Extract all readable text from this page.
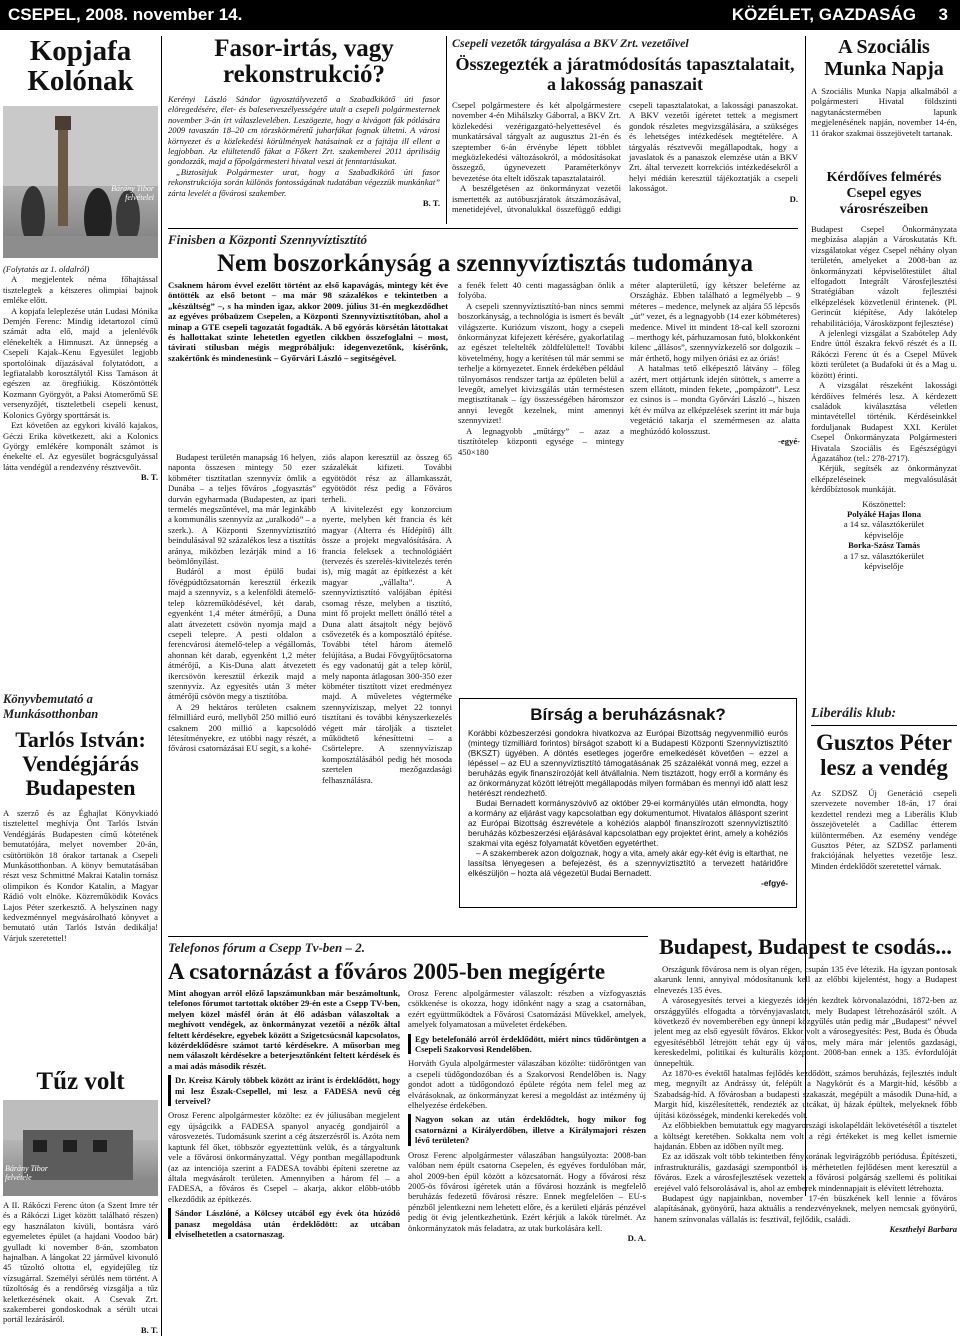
CSEPEL, 2008. november 14.	KÖZÉLET, GAZDASÁG 3
Kopjafa Kolónak
Bárány Tibor felvételei

(Folytatás az 1. oldalról)

A megjelentek néma főhajtással tisztelegtek a kétszeres olimpiai bajnok emléke előtt.

A kopjafa leleplezése után Ludasi Mónika Demjén Ferenc: Mindig idetartozol című számát adta elő, majd a jelenlévők elénekelték a Himnuszt. Az ünnepség a Csepeli Kajak–Kenu Egyesület legjobb sportolóinak díjazásával folytatódott, a legfiatalabb korosztálytól Kiss Tamáson át egészen az öregfiúkig. Köszöntötték Kozmann Györgyöt, a Paksi Atomerőmű SE versenyzőjét, tiszteletbeli csepeli kenust, Kolonics György sporttársát is.

Ezt követően az egykori kiváló kajakos, Géczi Erika következett, aki a Kolonics György emlékére komponált számot is énekelte el. Az egyesület bográcsgulyással látta vendégül a rendezvény résztvevőit.

B. T.

Könyvbemutató a Munkásotthonban
Tarlós István: Vendégjárás Budapesten

A szerző és az Éghajlat Könyvkiadó tisztelettel meghívja Önt Tarlós István Vendégjárás Budapesten című kötetének bemutatójára, melyet november 20-án, csütörtökön 18 órakor tartanak a Csepeli Munkásotthonban. A könyv bemutatásában részt vesz Schmittné Makrai Katalin tornász olimpikon és Kondor Katalin, a Magyar Rádió volt elnöke. Közreműködik Kovács Lajos Péter szerkesztő. A helyszínen nagy kedvezménnyel megvásárolható könyvet a bemutató után Tarlós István dedikálja! Várjuk szeretettel!

Tűz volt
Bárány Tibor felvétele

A II. Rákóczi Ferenc úton (a Szent Imre tér és a Rákóczi Liget között található részen) egy használaton kívüli, bontásra váró egyemeletes épület (a hajdani Voodoo bár) gyulladt ki november 8-án, szombaton hajnalban. A lángokat 22 járművel kivonuló 45 tűzoltó oltotta el, egyidejűleg tíz vízsugárral. Személyi sérülés nem történt. A tűzoltóság és a rendőrség vizsgálja a tűz keletkezésének okait. A Csevak Zrt. szakemberei gondoskodnak a sérült utcai portál lezárásáról.

B. T.

Fasor-irtás, vagy rekonstrukció?

Kerényi László Sándor ügyosztályvezető a Szabadkikötő úti fasor elöregedésére, élet- és balesetveszélyességére utalt a csepeli polgármesternek november 3-án írt válaszlevelében. Leszögezte, hogy a kivágott fák pótlására 2009 tavaszán 18–20 cm törzskörméretű juharfákat fognak ültetni. A városi környezet és a közlekedési körülmények hatásainak ez a fajtája ill ellent a legjobban. Az elültetendő fákat a Főkert Zrt. szakemberei 2011 áprilisáig gondozzák, majd a főpolgármesteri hivatal veszi át fenntartásukat.

„Biztosítjuk Polgármester urat, hogy a Szabadkikötő úti fasor rekonstrukciója során különös fontosságának tudatában végezzük munkánkat” zárta levelét a fővárosi szakember.

B. T.

Csepeli vezetők tárgyalása a BKV Zrt. vezetőivel
Összegezték a járatmódosítás tapasztalatait, a lakosság panaszait

Csepel polgármestere és két alpolgármestere november 4-én Mihálszky Gáborral, a BKV Zrt. közlekedési vezérigazgató-helyettesével és munkatársával tárgyalt az augusztus 21-én és szeptember 6-án érvénybe lépett többlet megközlekedési változásokról, a módosításokat összegző, úgynevezett Paraméterkönyv bevezetése óta eltelt időszak tapasztalatairól.

A beszélgetésen az önkormányzat vezetői ismertették az autóbuszjáratok átszámozásával, menetidejével, útvonalukkal összefüggő eddigi csepeli tapasztalatokat, a lakossági panaszokat. A BKV vezetői ígéretet tettek a megismert gondok részletes megvizsgálására, a szükséges és lehetséges intézkedések megtételére. A tárgyalás résztvevői megállapodtak, hogy a javaslatok és a panaszok elemzése után a BKV Zrt. által tervezett korrekciós intézkedésekről a helyi médián keresztül tájékoztatják a csepeli lakosságot.

D.

A Szociális Munka Napja

A Szociális Munka Napja alkalmából a polgármesteri Hivatal földszinti nagytanácstermében lapunk megjelenésének napján, november 14-én, 11 órakor szakmai összejövetelt tartanak.

Kérdőíves felmérés Csepel egyes városrészeiben

Budapest Csepel Önkormányzata megbízása alapján a Városkutatás Kft. vizsgálatokat végez Csepel néhány olyan területén, amelyeket a 2008-ban az önkormányzati képviselőtestület által elfogadott Integrált Városfejlesztési Stratégiában vázolt fejlesztési elképzelések közvetlenül érintenek. (Pl. Gerincút kiépítése, Ady lakótelep rehabilitációja, Városközpont fejlesztése)

A jelenlegi vizsgálat a Szabótelep Ady Endre úttól északra fekvő részét és a II. Rákóczi Ferenc út és a Csepel Művek közti területet (a Budafoki út és a Mag u. között) érinti.

A vizsgálat részeként lakossági kérdőíves felmérés lesz. A kérdezett családok kiválasztása véletlen mintavétellel történik. Kérdéseinkkel forduljanak Budapest XXI. Kerület Csepel Önkormányzata Polgármesteri Hivatala Szociális és Egészségügyi Ágazatához (tel.: 278-2717).

Kérjük, segítsék az önkormányzat elképzeléseinek megvalósulását kérdőbíztosok munkáját.

Köszönettel:

Polyáké Hajas Ilona

a 14 sz. választókerület

képviselője

Borka-Szász Tamás

a 17 sz. választókerület

képviselője

Liberális klub:
Gusztos Péter lesz a vendég

Az SZDSZ Új Generáció csepeli szervezete november 18-án, 17 órai kezdettel rendezi meg a Liberális Klub összejövetelét a Cadillac étterem különtermében. Az esemény vendége Gusztos Péter, az SZDSZ parlamenti frakciójának helyettes vezetője lesz. Minden érdeklődőt szeretettel várnak.

Finisben a Központi Szennyvíztisztító
Nem boszorkányság a szennyvíztisztás tudománya

Csaknem három évvel ezelőtt történt az első kapavágás, mintegy két éve öntötték az első betont – ma már 98 százalékos e tekintetben a „készültség” –, s ha minden igaz, akkor 2009. július 31-én megkezdődhet az egyéves próbaüzem Csepelen, a Központi Szennyvíztisztítóban, ahol a minap a GTE csepeli tagozatát fogadták. A bő egyórás körsétán látottakat és hallottakat szinte lehetetlen egyetlen cikkben összefoglalni – most, távirati stílusban mégis megpróbáljuk: idegenvezetőnk, kísérőnk, szakértőnk és mindenesünk – Győrvári László – segítségével.

Budapest területén manapság 16 helyen, naponta összesen mintegy 50 ezer köbméter tisztítatlan szennyvíz ömlik a Dunába – a teljes főváros „fogyasztás” durván egyharmada (Budapesten, az ipari termelés megszűntével, ma már leginkább a kommunális szennyvíz az „uralkodó” – a szerk.). A Központi Szennyvíztisztító beindulásával 92 százalékos lesz a tisztítás aránya, miközben lezárják mind a 16 beömlőnyílást.

Budáról a most épülő budai fővégpúdtőzsatornán keresztül érkezik majd a szennyvíz, s a kelenföldi átemelő-telep közreműködésével, két darab, egyenként 1,4 méter átmérőjű, a Duna alatt átvezetett csövön nyomja majd a csepeli telepre. A pesti oldalon a ferencvárosi átemelő-telep a végállomás, ahonnan két darab, egyenként 1,2 méter átmérőjű, a Kis-Duna alatt átvezetett ikercsövön keresztül érkezik majd a szennyvíz. Az egyesítés után 3 méter átmérőjű csövön megy a tisztítóba.

A 29 hektáros területen csaknem félmilliárd euró, mellyből 250 millió euró csaknem 200 millió a kapcsolódó létesítményekre, ez utóbbi nagy részét, a fővárosi csatornázásai EU segít, s a kohé-

ziós alapon keresztül az összeg 65 százalékát kifizeti. További egyötödöt rész az államkasszát, egyötödöt rész pedig a Főváros terheli.

A kivitelezést egy konzorcium nyerte, melyben két francia és két magyar (Alterra és Hídépítő) állt össze a projekt megvalósítására. A francia feleksek a technológiáért (tervezés és szerelés-kivitelezés terén is), míg magát az építkezést a két magyar „vállalta”. A szennyvíztisztító valójában építési csomag része, melyben a tisztító, mint fő projekt mellett önálló tétel a Duna alatt átsajtolt négy bejövő csővezeték és a komposztáló építése. További tétel három átemelő felújítása, a Budai Fővgyűjtőcsatorna és egy vadonatúj gát a telep körül, mely naponta átlagosan 300-350 ezer köbméter tisztított vizet eredményez majd. A műveletes végtermékе szennyvíziszap, melyet 22 tonnyi tisztítani és további kényszerkezelés végett már tárolják a tisztelet működtető kénesíttetni – a Csörtelepre. A szennyvíziszap komposztálásából pedig hét mosoda szertelen mezőgazdasági felhasználásra.

a fenék felett 40 centi magasságban önlik a folyóba.

A csepeli szennyvíztisztító-ban nincs semmi boszorkányság, a technológia is ismert és bevált világszerte. Kuriózum viszont, hogy a csepeli önkormányzat kifejezett kérésére, gyakorlatilag az egészet teleltelték zöldfelülettel! További követelmény, hogy a kerítésen túl már semmi se terhelje a környezetet. Ennek érdekében például túlnyomásos rendszer tartja az épületen belül a levegőt, amelyet kivizsgálás után terméstesen megtisztítanak – így összességében háromszor annyi levegőt kezelnek, mint amennyi szennyvizet!

A legnagyobb „műtárgy” – azaz a tisztítótelep központi egysége – mintegy 450×180

méter alapterületű, így kétszer beleférne az Országház. Ebben található a legmélyebb – 9 méteres – medence, melynek az aljára 55 lépcsős „út” vezet, és a legnagyobb (14 ezer köbméteres) medence. Mivel itt mindent 18-cal kell szorozni – merthogy két, párhuzamosan futó, blokkonként kilenc „állásos”, szennyvízkezelő sor dolgozik – már érthető, hogy milyen óriási ez az óriás!

A hatalmas tető elképesztő látvány – főleg azért, mert ottjártunk idején sütöttek, s amerre a szem ellátott, minden fekete, „pompázott”. Lesz ez csinos is – mondta Győrvári László –, hiszen két év múlva az elképzelések szerint itt már bujа vegetáció takarja el szemérmesen az alatta meghúzódó kolosszust.

-egyé-

Bírság a beruházásnak?

Korábbi közbeszerzési gondokra hivatkozva az Európai Bizottság negyvenmillió eurós (mintegy tízmilliárd forintos) bírságot szabott ki a Budapesti Központi Szennyvíztisztító (BKSZT) ügyében. A döntés esetleges jogerőre emelkedését követően – ezzel a lépéssel – az EU a szennyvíztisztító támogatásának 25 százalékát vonná meg, ezzel a beruházás egyik finanszírozóját kell átvállalnia. Nem tisztázott, hogy erről a kormány és az önkormányzat között létrejött megállapodás milyen formában és mennyi idő alatt lesz hetérészt rendezhető.

Budai Bernadett kormányszóvivő az október 29-ei kormányülés után elmondta, hogy a kormány az eljárást vagy kapcsolatban egy dokumentumot. Hivatalos álláspont szerint az Európai Bizottság észrevétele a kohéziós alapból finanszírozott szennyvíztisztító beruházás közbeszerzési eljárásával kapcsolatban egy projektet érint, amely a kohéziós szakmai vita egész folyamatát követően egyetérthet.

– A szakemberek azon dolgoznak, hogy a vita, amely akár egy-két évig is eltarthat, ne lassítsa lényegesen a befejezést, és a szennyvíztisztító a tervezett határidőre elkészüljön – hozta alá végezetül Budai Bernadett.

-efgyé-

Telefonos fórum a Csepp Tv-ben – 2.
A csatornázást a főváros 2005-ben megígérte

Mint ahogyan arról előző lapszámunkban már beszámoltunk, telefonos fórumot tartottak október 29-én este a Csepp TV-ben, melyen közel másfél órán át élő adásban válaszoltak a meghívott vendégek, az önkormányzat vezetői a nézők által feltett kérdésekre, egyebek között a Szigetcsúcsnál kapcsolatos, közérdeklődésre számot tartó kérdésekre. A műsorban meg nem válaszolt kérdésekre a beterjesztőnként feltett kérdések és a mai adás második részét.

Dr. Kreisz Károly többek között az iránt is érdeklődött, hogy mi lesz Észak-Csepellel, mi lesz a FADESA nevű cég terveivel?

Orosz Ferenc alpolgármester közölte: ez év júliusában megjelent egy újságcikk a FADESA spanyol anyacég gondjairól a városvezetés. Tudomásunk szerint a cég átszerzésről is. Azóta nem kaptunk fél őket, többször egyeztettünk velük, és a tárgyaltunk vele a fővárosi önkormányzattal. Végy pontban megállapodtunk (az az intenciója szerint a FADESA további építeni szeretne az általa megvásárolt területen. Amennyiben a három fél – a FADESA, a főváros és Csepel – akarja, akkor előbb-utóbb elkezdődik az építkezés.

Sándor Lászlóné, a Kölcsey utcából egy évek óta húzódó panasz megoldása után érdeklődött: az utcában elviselhetetlen a csatornaszag.

Orosz Ferenc alpolgármester válaszolt: részben a vízfogyasztás csökkenése is okozza, hogy időnként nagy a szag a csatornában, ezért együttműködtek a Fővárosi Csatornázási Művekkel, amelyek, amelyek folyamatosan a műveletet érdekében.

Egy betelefonáló arról érdeklődött, miért nincs tűdőröntgen a Csepeli Szakorvosi Rendelőben.

Horváth Gyula alpolgármester válaszában közölte: tüdőröntgen van a csepeli tüdőgondozóban és a Szakorvosi Rendelőben is. Nagy gondot adott a tüdőgondozó épülete régóta nem felel meg az elvárásoknak, az önkormányzat keresi a megoldást az intézmény új elhelyezése érdekében.

Nagyon sokan az után érdeklődtek, hogy mikor fog csatornázni a Királyerdőben, illetve a Királymajori részen lévő területen?

Orosz Ferenc alpolgármester válaszában hangsúlyozta: 2008-ban valóban nem épült csatorna Csepelen, és egyéves fordulóban már, ahol 2009-ben épül között a közcsatornát. Hogy a fővárosi rész 2005-ös fővárosi ígéretek után a fővárosi hozzánk is megfelelő beruházás fedezetű fővárosi részre. Ennek megfelelően – EU-s pénzből jelentkezni nem lehetett előre, és a kerületi eljárás pénzével pedig öt évig jelentkezhetünk. Ezért kérjük a lakók türelmét. Az önkormányzatok más feladatra, az utak burkolására kell.

D. A.

Budapest, Budapest te csodás...

Országunk fővárosa nem is olyan régen, csupán 135 éve létezik. Ha ígyzan pontosak akarunk lenni, annyival módosítanunk kell az előbbi kijelentést, hogy a Budapest elnevezés 135 éves.

A városegyesítés tervei a kiegyezés idején kezdtek körvonalazódni, 1872-ben az országgyűlés elfogadta a törvényjavaslatot, mely Budapest létrehozásáról szólt. A következő év novemberében egy ünnepi közgyűlés után pedig már „Budapest” névvel jelent meg az első egyesült főváros. Ekkor volt a városegyesítés: Pest, Buda és Óbuda egyesítésébből létrejött tehát egy új város, mely mára már jelentős gazdasági, kereskedelmi, politikai és kulturális központ. 2008-ban ennek a 135. évfordulóját ünnepeltük.

Az 1870-es évektől hatalmas fejlődés kezdődött, számos beruházás, fejlesztés indult meg, megnyílt az Andrássy út, felépült a Nagykörút és a Margit-híd, később a Szabadság-híd. A fővárosban a budapesti szakaszát, megépült a második Duna-híd, a Margit híd, kiszélesítették, rendezték az utcákat, új házak épültek, melyeknek főbb újítási közösségek, mindenki kerekedés volt.

Az előbbiekben bemutattuk egy magyarországi iskolapéldáit lekövetésétől a tisztelet a költségt keretében. Sokkalta nem volt a régi értékeket is meg kellet ismernie hajdanán. Ebben az időben nyílt meg.

Ez az időszak volt több tekintetben fénykorának legvirágzóbb periódusa. Építészeti, infrastrukturális, gazdasági szempontból is mérhetetlen fejlődésen ment keresztül a főváros. Ezek a városfejlesztések vezettek a fővárosi polgárság szellemi és politikai erejével való felsorolásával is, ahol az emberek mindennapjait is elévített létrehozta.

Budapest úgy napjainkban, november 17-én büszkének kell lennie a főváros alapításának, gyönyörű, haza aktuális a rendezvényeknek, melyen nemcsak gyönyörű, hanem színvonalas vállalás is: fesztivál, fejlődik, családi.

Keszthelyi Barbara
